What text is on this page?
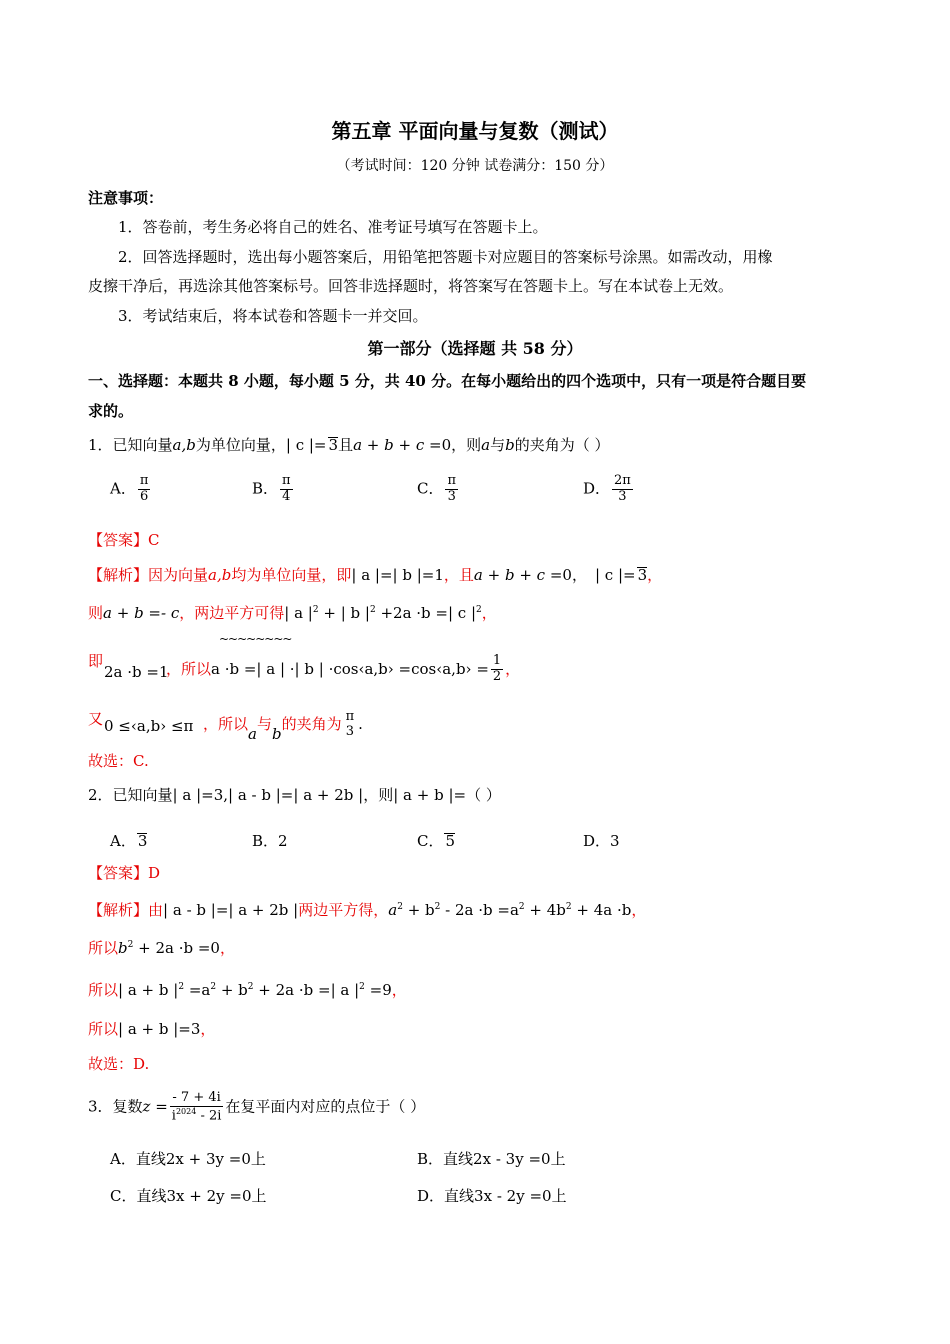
第五章 平面向量与复数（测试）
（考试时间：120 分钟 试卷满分：150 分）
注意事项：
1．答卷前，考生务必将自己的姓名、准考证号填写在答题卡上。
2．回答选择题时，选出每小题答案后，用铅笔把答题卡对应题目的答案标号涂黑。如需改动，用橡
皮擦干净后，再选涂其他答案标号。回答非选择题时，将答案写在答题卡上。写在本试卷上无效。
3．考试结束后，将本试卷和答题卡一并交回。
第一部分（选择题 共 58 分）
一、选择题：本题共 8 小题，每小题 5 分，共 40 分。在每小题给出的四个选项中，只有一项是符合题目要
求的。
1．已知向量a,b为单位向量，| c |= 3且a + b + c =0，则a与b的夹角为（ ）
A． $\frac{\pi}{6}$	B． $\frac{\pi}{4}$	C． $\frac{\pi}{3}$	D． $\frac{2\pi}{3}$
【答案】C
【解析】因为向量a,b均为单位向量，即| a |=| b |=1，且a + b + c =0， | c |= 3，
则a + b =- c，两边平方可得| a $|^2$ + | b $|^2 +2a \cdot b$ =| c $|^2$，
~~~~~~~~
即
2a ·b =1
，所以a ·b =| a | ·| b | ·cos‹a,b› =cos‹a,b› = $\frac{1}{2}$ ，
又 0 ≤‹a,b› ≤π ，所以a与b的夹角为 π
3 .
故选：C.
2．已知向量| a |=3,| a - b |=| a + 2b |，则| a + b |=（ ）
A． 3	B．2	C． 5	D．3
【答案】D
【解析】由| a - b |=| a + 2b |两边平方得，$a^2 + b^2 - 2a \cdot b =a^2 + 4b^2 + 4a \cdot b$，
所以$b^2 + 2a \cdot b =0$，
所以| a + b $|^2 =a^2 + b^2 + 2a \cdot b$ =| a $|^2 =9$，
所以| a + b |=3，
故选：D.
3．复数$z = \frac{- 7 + 4i}{i^{2024} - 2i}$ 在复平面内对应的点位于（ ）
A．直线2x + 3y =0上	B．直线2x - 3y =0上
C．直线3x + 2y =0上	D．直线3x - 2y =0上
